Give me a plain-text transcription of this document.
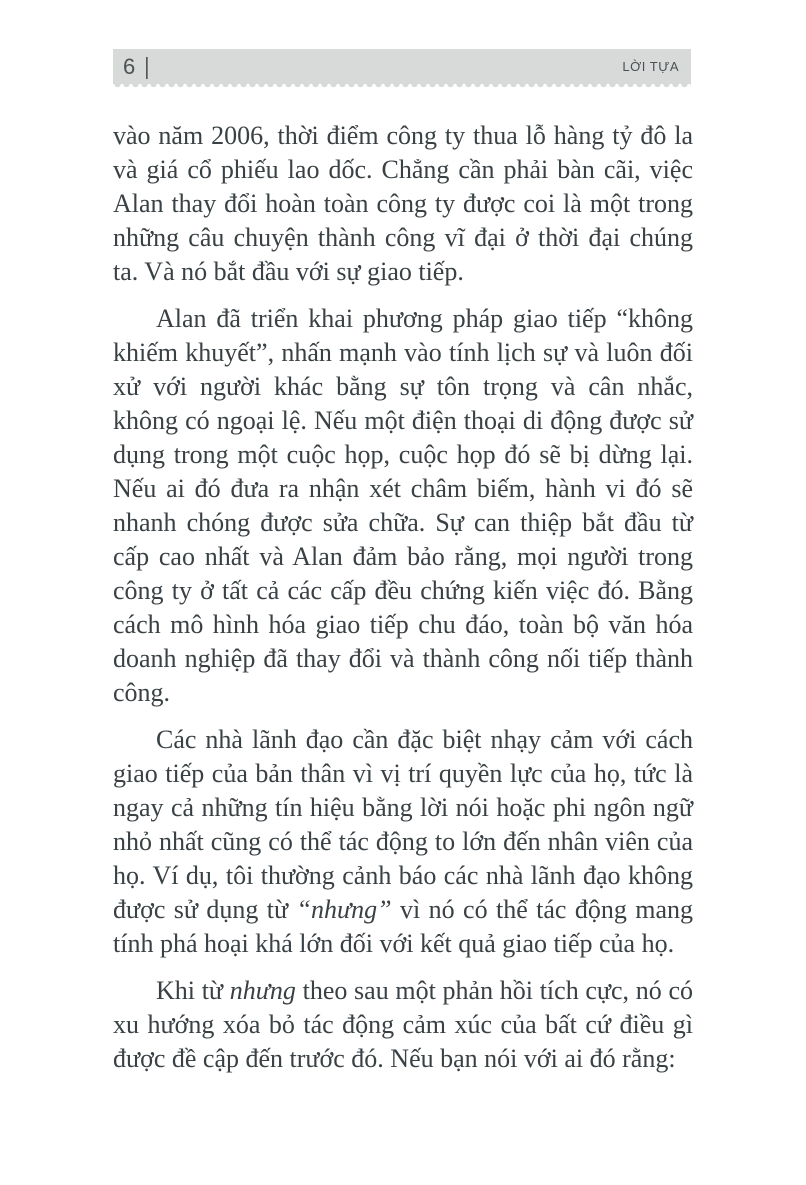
6 |	LỜI TỰA

vào năm 2006, thời điểm công ty thua lỗ hàng tỷ đô la và giá cổ phiếu lao dốc. Chẳng cần phải bàn cãi, việc Alan thay đổi hoàn toàn công ty được coi là một trong những câu chuyện thành công vĩ đại ở thời đại chúng ta. Và nó bắt đầu với sự giao tiếp.

Alan đã triển khai phương pháp giao tiếp “không khiếm khuyết”, nhấn mạnh vào tính lịch sự và luôn đối xử với người khác bằng sự tôn trọng và cân nhắc, không có ngoại lệ. Nếu một điện thoại di động được sử dụng trong một cuộc họp, cuộc họp đó sẽ bị dừng lại. Nếu ai đó đưa ra nhận xét châm biếm, hành vi đó sẽ nhanh chóng được sửa chữa. Sự can thiệp bắt đầu từ cấp cao nhất và Alan đảm bảo rằng, mọi người trong công ty ở tất cả các cấp đều chứng kiến việc đó. Bằng cách mô hình hóa giao tiếp chu đáo, toàn bộ văn hóa doanh nghiệp đã thay đổi và thành công nối tiếp thành công.

Các nhà lãnh đạo cần đặc biệt nhạy cảm với cách giao tiếp của bản thân vì vị trí quyền lực của họ, tức là ngay cả những tín hiệu bằng lời nói hoặc phi ngôn ngữ nhỏ nhất cũng có thể tác động to lớn đến nhân viên của họ. Ví dụ, tôi thường cảnh báo các nhà lãnh đạo không được sử dụng từ “nhưng” vì nó có thể tác động mang tính phá hoại khá lớn đối với kết quả giao tiếp của họ.

Khi từ nhưng theo sau một phản hồi tích cực, nó có xu hướng xóa bỏ tác động cảm xúc của bất cứ điều gì được đề cập đến trước đó. Nếu bạn nói với ai đó rằng:
